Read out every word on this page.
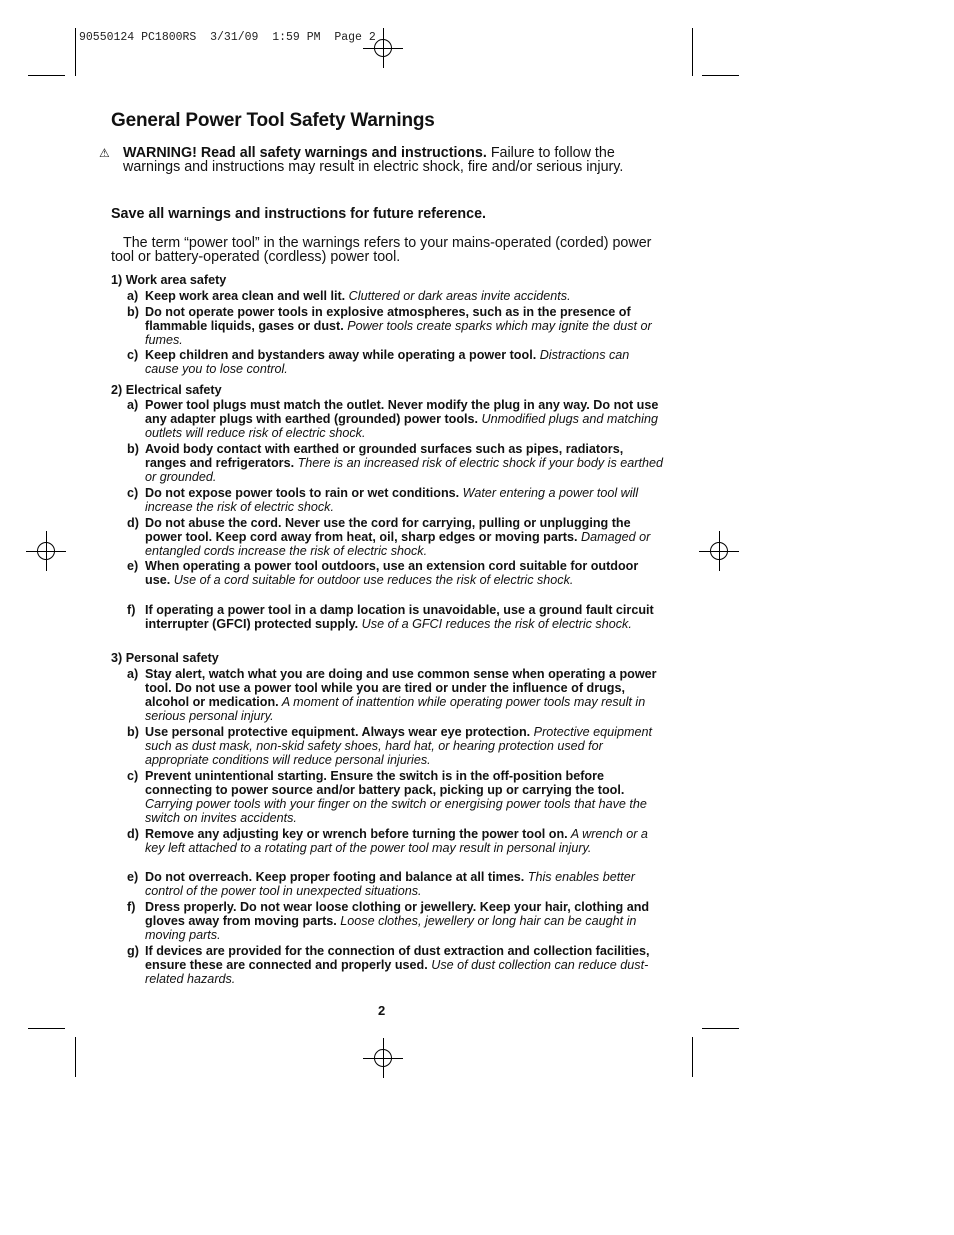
90550124 PC1800RS  3/31/09  1:59 PM  Page 2
General Power Tool Safety Warnings

⚠ WARNING! Read all safety warnings and instructions. Failure to follow the warnings and instructions may result in electric shock, fire and/or serious injury.

Save all warnings and instructions for future reference.

The term “power tool” in the warnings refers to your mains-operated (corded) power tool or battery-operated (cordless) power tool.

1) Work area safety
a) Keep work area clean and well lit. Cluttered or dark areas invite accidents.
b) Do not operate power tools in explosive atmospheres, such as in the presence of flammable liquids, gases or dust. Power tools create sparks which may ignite the dust or fumes.
c) Keep children and bystanders away while operating a power tool. Distractions can cause you to lose control.
2) Electrical safety
a) Power tool plugs must match the outlet. Never modify the plug in any way. Do not use any adapter plugs with earthed (grounded) power tools. Unmodified plugs and matching outlets will reduce risk of electric shock.
b) Avoid body contact with earthed or grounded surfaces such as pipes, radiators, ranges and refrigerators. There is an increased risk of electric shock if your body is earthed or grounded.
c) Do not expose power tools to rain or wet conditions. Water entering a power tool will increase the risk of electric shock.
d) Do not abuse the cord. Never use the cord for carrying, pulling or unplugging the power tool. Keep cord away from heat, oil, sharp edges or moving parts. Damaged or entangled cords increase the risk of electric shock.
e) When operating a power tool outdoors, use an extension cord suitable for outdoor use. Use of a cord suitable for outdoor use reduces the risk of electric shock.
f) If operating a power tool in a damp location is unavoidable, use a ground fault circuit interrupter (GFCI) protected supply. Use of a GFCI reduces the risk of electric shock.
3) Personal safety
a) Stay alert, watch what you are doing and use common sense when operating a power tool. Do not use a power tool while you are tired or under the influence of drugs, alcohol or medication. A moment of inattention while operating power tools may result in serious personal injury.
b) Use personal protective equipment. Always wear eye protection. Protective equipment such as dust mask, non-skid safety shoes, hard hat, or hearing protection used for appropriate conditions will reduce personal injuries.
c) Prevent unintentional starting. Ensure the switch is in the off-position before connecting to power source and/or battery pack, picking up or carrying the tool. Carrying power tools with your finger on the switch or energising power tools that have the switch on invites accidents.
d) Remove any adjusting key or wrench before turning the power tool on. A wrench or a key left attached to a rotating part of the power tool may result in personal injury.
e) Do not overreach. Keep proper footing and balance at all times. This enables better control of the power tool in unexpected situations.
f) Dress properly. Do not wear loose clothing or jewellery. Keep your hair, clothing and gloves away from moving parts. Loose clothes, jewellery or long hair can be caught in moving parts.
g) If devices are provided for the connection of dust extraction and collection facilities, ensure these are connected and properly used. Use of dust collection can reduce dust-related hazards.
2
